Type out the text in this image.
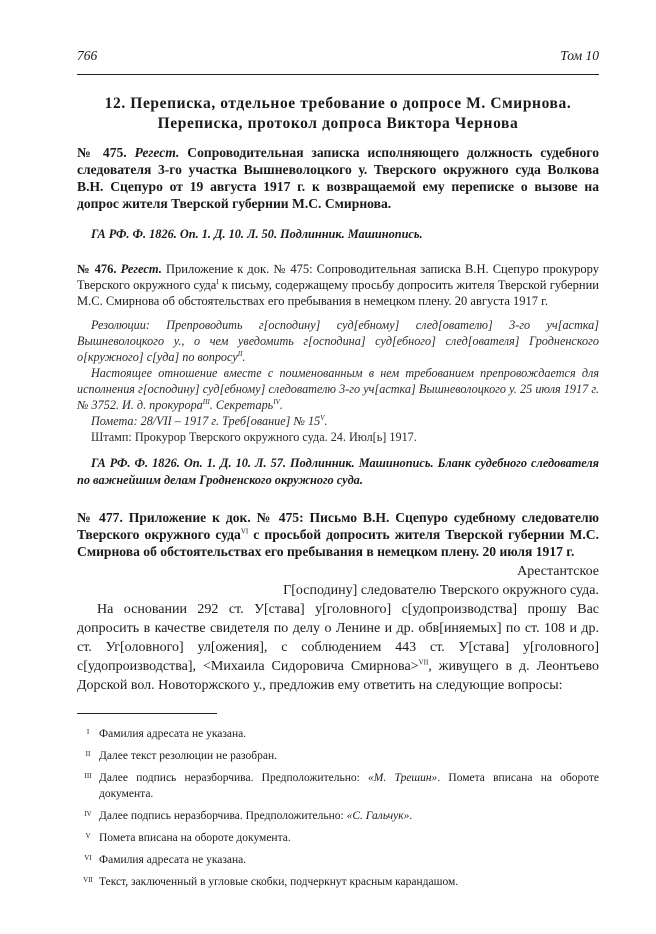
766	Том 10
12. Переписка, отдельное требование о допросе М. Смирнова.
Переписка, протокол допроса Виктора Чернова
№ 475. Регест. Сопроводительная записка исполняющего должность судебного следователя 3-го участка Вышневолоцкого у. Тверского окружного суда Волкова В.Н. Сцепуро от 19 августа 1917 г. к возвращаемой ему переписке о вызове на допрос жителя Тверской губернии М.С. Смирнова.
ГА РФ. Ф. 1826. Оп. 1. Д. 10. Л. 50. Подлинник. Машинопись.
№ 476. Регест. Приложение к док. № 475: Сопроводительная записка В.Н. Сцепуро прокурору Тверского окружного суда$^I$ к письму, содержащему просьбу допросить жителя Тверской губернии М.С. Смирнова об обстоятельствах его пребывания в немецком плену. 20 августа 1917 г.

Резолюции: Препроводить г[осподину] суд[ебному] след[ователю] 3-го уч[астка] Вышневолоцкого у., о чем уведомить г[осподина] суд[ебного] след[ователя] Гродненского о[кружного] с[уда] по вопросу$^{II}$.

Настоящее отношение вместе с поименованным в нем требованием препровождается для исполнения г[осподину] суд[ебному] следователю 3-го уч[астка] Вышневолоцкого у. 25 июля 1917 г. № 3752. И. д. прокурора$^{III}$. Секретарь$^{IV}$.

Помета: 28/VII – 1917 г. Треб[ование] № $15^V$.

Штамп: Прокурор Тверского окружного суда. 24. Июл[ь] 1917.

ГА РФ. Ф. 1826. Оп. 1. Д. 10. Л. 57. Подлинник. Машинопись. Бланк судебного следователя по важнейшим делам Гродненского окружного суда.
№ 477. Приложение к док. № 475: Письмо В.Н. Сцепуро судебному следователю Тверского окружного суда$^{VI}$ с просьбой допросить жителя Тверской губернии М.С. Смирнова об обстоятельствах его пребывания в немецком плену. 20 июля 1917 г.

Арестантское

Г[осподину] следователю Тверского окружного суда.

На основании 292 ст. У[става] у[головного] с[удопроизводства] прошу Вас допросить в качестве свидетеля по делу о Ленине и др. обв[иняемых] по ст. 108 и др. ст. Уг[оловного] ул[ожения], с соблюдением 443 ст. У[става] у[головного] с[удопроизводства], <Михаила Сидоровича Смирнова>$^{VII}$, живущего в д. Леонтьево Дорской вол. Новоторжского у., предложив ему ответить на следующие вопросы:

I Фамилия адресата не указана.
II Далее текст резолюции не разобран.
III Далее подпись неразборчива. Предположительно: «М. Трешин». Помета вписана на обороте документа.
IV Далее подпись неразборчива. Предположительно: «С. Гальчук».
V Помета вписана на обороте документа.
VI Фамилия адресата не указана.
VII Текст, заключенный в угловые скобки, подчеркнут красным карандашом.
